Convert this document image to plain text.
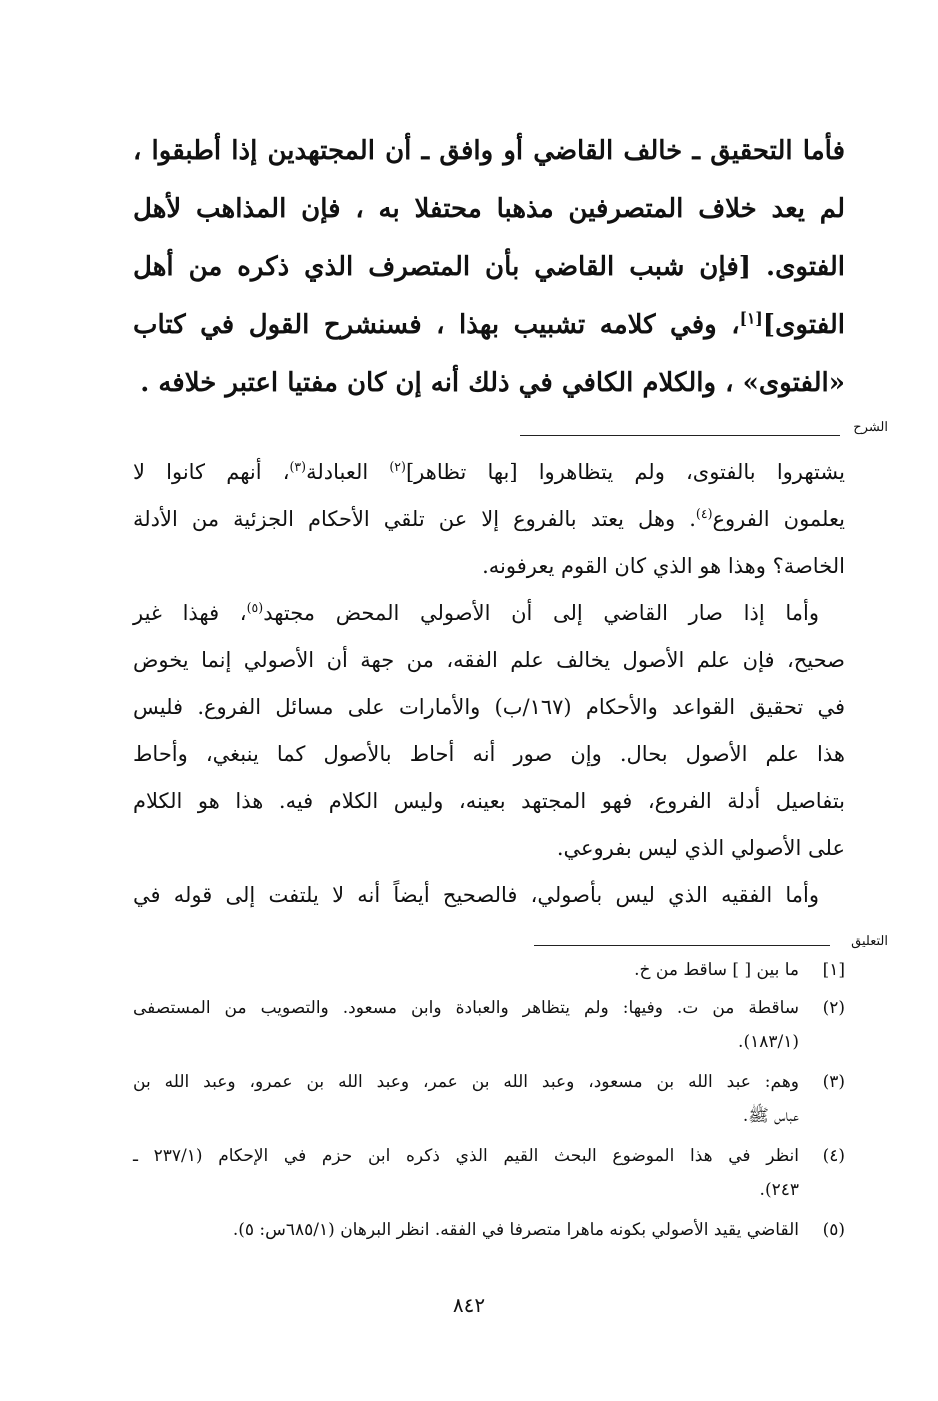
فأما التحقيق ـ خالف القاضي أو وافق ـ أن المجتهدين إذا أطبقوا ،
لم يعد خلاف المتصرفين مذهبا محتفلا به ، فإن المذاهب لأهل
الفتوى. [فإن شبب القاضي بأن المتصرف الذي ذكره من أهل
الفتوى][١]، وفي كلامه تشبيب بهذا ، فسنشرح القول في كتاب
«الفتوى» ، والكلام الكافي في ذلك أنه إن كان مفتيا اعتبر خلافه .
الشرح
يشتهروا بالفتوى، ولم يتظاهروا [بها تظاهر]$^{(٢)}$ العبادلة$^{(٣)}$، أنهم كانوا لا
يعلمون الفروع$^{(٤)}$. وهل يعتد بالفروع إلا عن تلقي الأحكام الجزئية من الأدلة
الخاصة؟ وهذا هو الذي كان القوم يعرفونه.
وأما إذا صار القاضي إلى أن الأصولي المحض مجتهد$^{(٥)}$، فهذا غير
صحيح، فإن علم الأصول يخالف علم الفقه، من جهة أن الأصولي إنما يخوض
في تحقيق القواعد والأحكام (١٦٧/ب) والأمارات على مسائل الفروع. فليس
هذا علم الأصول بحال. وإن صور أنه أحاط بالأصول كما ينبغي، وأحاط
بتفاصيل أدلة الفروع، فهو المجتهد بعينه، وليس الكلام فيه. هذا هو الكلام
على الأصولي الذي ليس بفروعي.
وأما الفقيه الذي ليس بأصولي، فالصحيح أيضاً أنه لا يلتفت إلى قوله في
التعليق
[١]
ما بين [ ] ساقط من خ.
(٢)
ساقطة من ت. وفيها: ولم يتظاهر والعبادة وابن مسعود. والتصويب من المستصفى
(١٨٣/١).
(٣)
وهم: عبد الله بن مسعود، وعبد الله بن عمر، وعبد الله بن عمرو، وعبد الله بن
عباس ﷺ.
(٤)
انظر في هذا الموضوع البحث القيم الذي ذكره ابن حزم في الإحكام (٢٣٧/١ ـ
٢٤٣).
(٥)
القاضي يقيد الأصولي بكونه ماهرا متصرفا في الفقه. انظر البرهان (٦٨٥/١س: ٥).
٨٤٢
